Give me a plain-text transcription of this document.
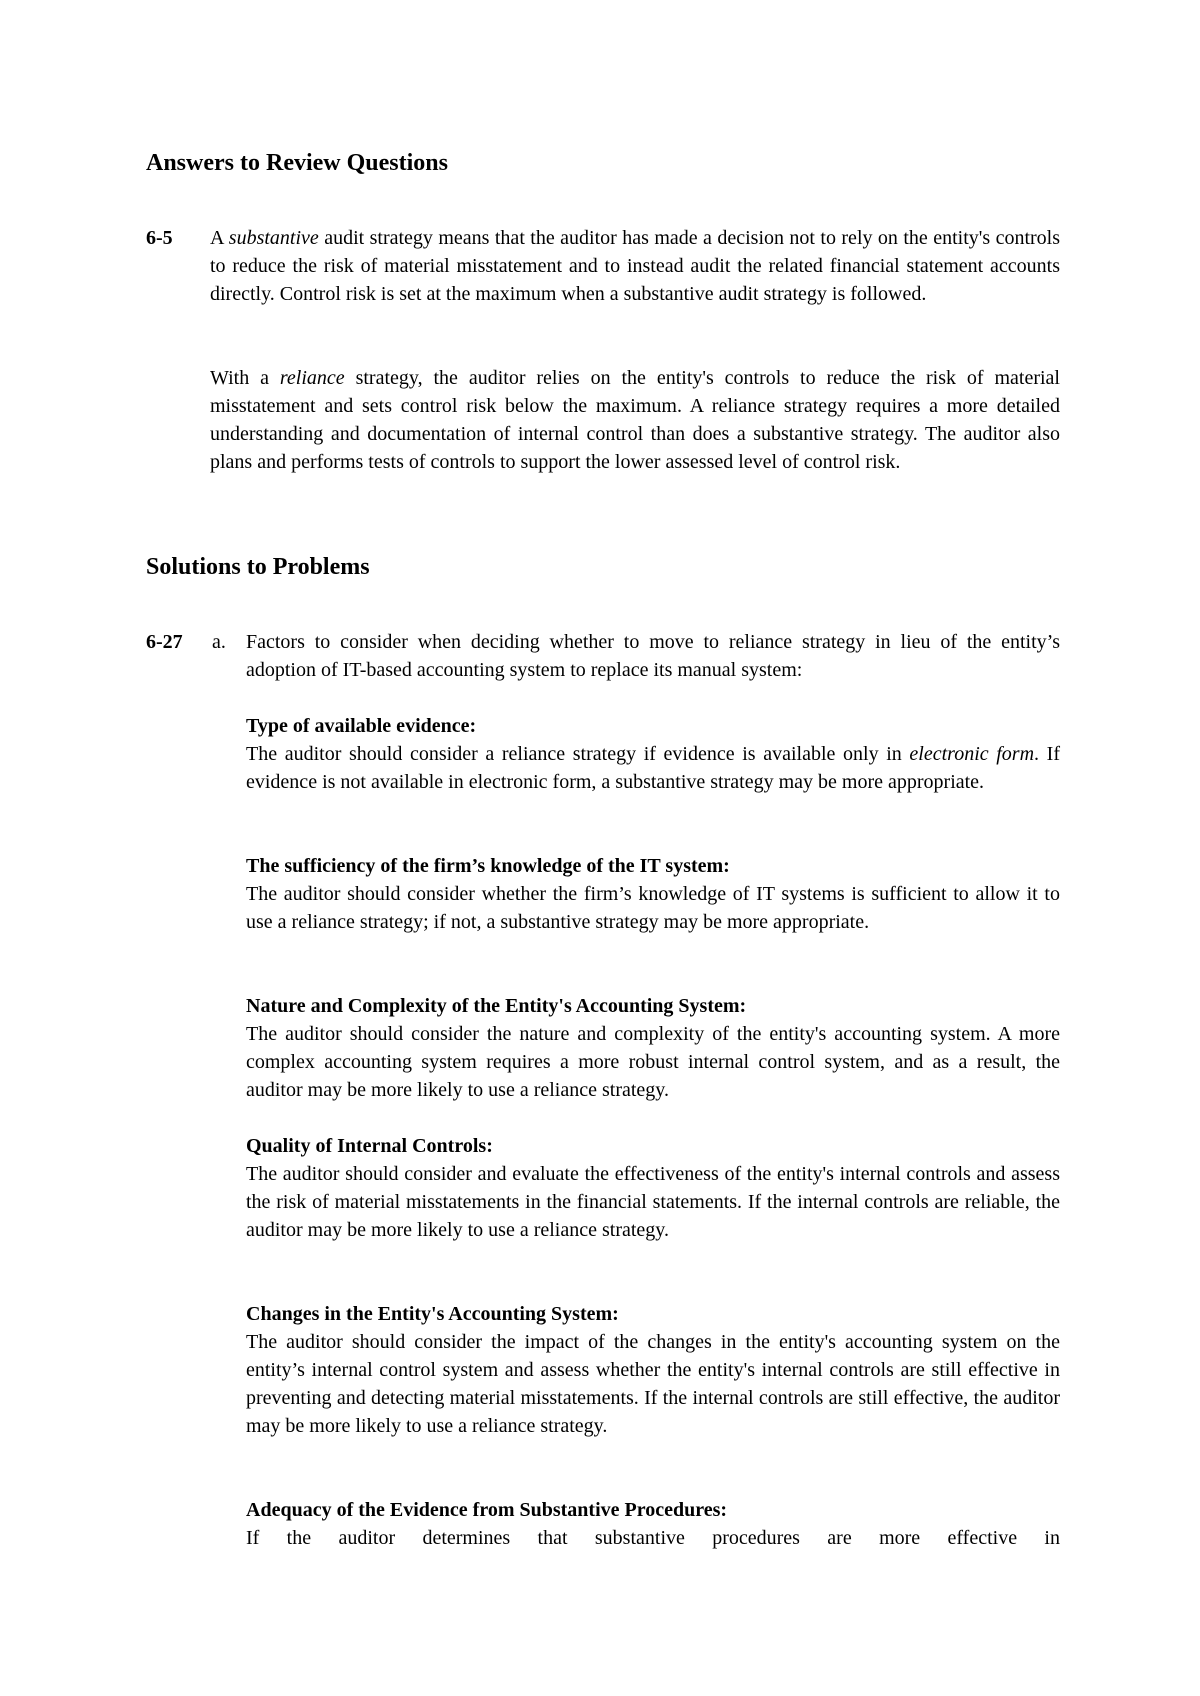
Answers to Review Questions
6-5 A substantive audit strategy means that the auditor has made a decision not to rely on the entity's controls to reduce the risk of material misstatement and to instead audit the related financial statement accounts directly. Control risk is set at the maximum when a substantive audit strategy is followed.
With a reliance strategy, the auditor relies on the entity's controls to reduce the risk of material misstatement and sets control risk below the maximum. A reliance strategy requires a more detailed understanding and documentation of internal control than does a substantive strategy. The auditor also plans and performs tests of controls to support the lower assessed level of control risk.
Solutions to Problems
6-27 a. Factors to consider when deciding whether to move to reliance strategy in lieu of the entity’s adoption of IT-based accounting system to replace its manual system:
Type of available evidence:
The auditor should consider a reliance strategy if evidence is available only in electronic form. If evidence is not available in electronic form, a substantive strategy may be more appropriate.
The sufficiency of the firm’s knowledge of the IT system:
The auditor should consider whether the firm’s knowledge of IT systems is sufficient to allow it to use a reliance strategy; if not, a substantive strategy may be more appropriate.
Nature and Complexity of the Entity's Accounting System:
The auditor should consider the nature and complexity of the entity's accounting system. A more complex accounting system requires a more robust internal control system, and as a result, the auditor may be more likely to use a reliance strategy.
Quality of Internal Controls:
The auditor should consider and evaluate the effectiveness of the entity's internal controls and assess the risk of material misstatements in the financial statements. If the internal controls are reliable, the auditor may be more likely to use a reliance strategy.
Changes in the Entity's Accounting System:
The auditor should consider the impact of the changes in the entity's accounting system on the entity’s internal control system and assess whether the entity's internal controls are still effective in preventing and detecting material misstatements. If the internal controls are still effective, the auditor may be more likely to use a reliance strategy.
Adequacy of the Evidence from Substantive Procedures:
If the auditor determines that substantive procedures are more effective in
